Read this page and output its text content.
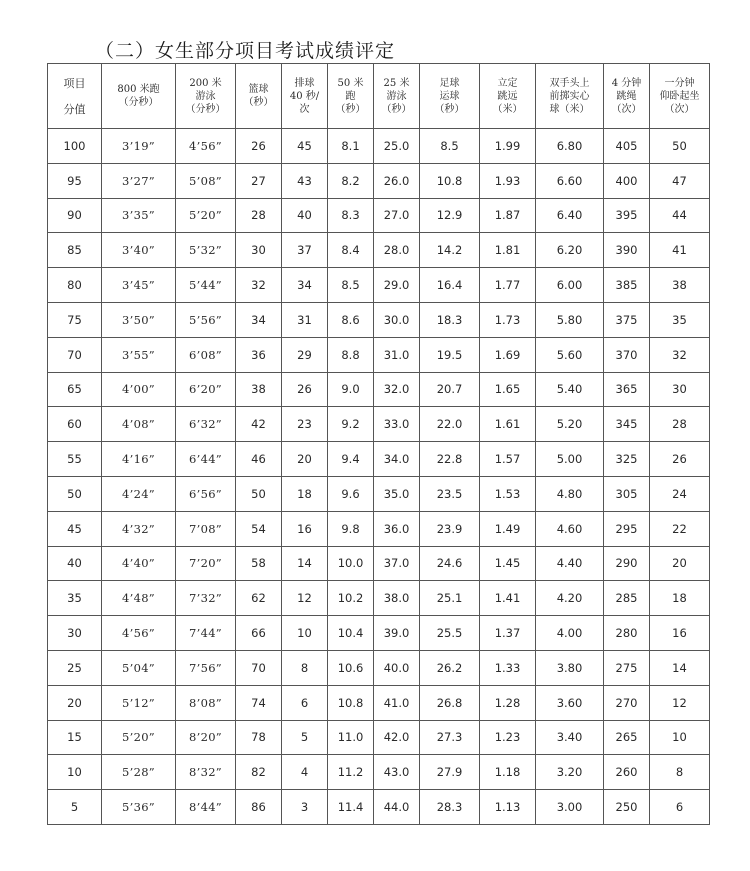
（二）女生部分项目考试成绩评定
项目
分值	800 米跑
（分秒）	200 米
游泳
（分秒）	篮球
（秒）	排球
40 秒/
次	50 米
跑
（秒）	25 米
游泳
（秒）	足球
运球
（秒）	立定
跳远
（米）	双手头上
前掷实心
球（米）	4 分钟
跳绳
（次）	一分钟
仰卧起坐
（次）

100	3’19”	4’56”	26	45	8.1	25.0	8.5	1.99	6.80	405	50
95	3’27”	5’08”	27	43	8.2	26.0	10.8	1.93	6.60	400	47
90	3’35”	5’20”	28	40	8.3	27.0	12.9	1.87	6.40	395	44
85	3’40”	5’32”	30	37	8.4	28.0	14.2	1.81	6.20	390	41
80	3’45”	5’44”	32	34	8.5	29.0	16.4	1.77	6.00	385	38
75	3’50”	5’56”	34	31	8.6	30.0	18.3	1.73	5.80	375	35
70	3’55”	6’08”	36	29	8.8	31.0	19.5	1.69	5.60	370	32
65	4’00”	6’20”	38	26	9.0	32.0	20.7	1.65	5.40	365	30
60	4’08”	6’32”	42	23	9.2	33.0	22.0	1.61	5.20	345	28
55	4’16”	6’44”	46	20	9.4	34.0	22.8	1.57	5.00	325	26
50	4’24”	6’56”	50	18	9.6	35.0	23.5	1.53	4.80	305	24
45	4’32”	7’08”	54	16	9.8	36.0	23.9	1.49	4.60	295	22
40	4’40”	7’20”	58	14	10.0	37.0	24.6	1.45	4.40	290	20
35	4’48”	7’32”	62	12	10.2	38.0	25.1	1.41	4.20	285	18
30	4’56”	7’44”	66	10	10.4	39.0	25.5	1.37	4.00	280	16
25	5’04”	7’56”	70	8	10.6	40.0	26.2	1.33	3.80	275	14
20	5’12”	8’08”	74	6	10.8	41.0	26.8	1.28	3.60	270	12
15	5’20”	8’20”	78	5	11.0	42.0	27.3	1.23	3.40	265	10
10	5’28”	8’32”	82	4	11.2	43.0	27.9	1.18	3.20	260	8
5	5’36”	8’44”	86	3	11.4	44.0	28.3	1.13	3.00	250	6
